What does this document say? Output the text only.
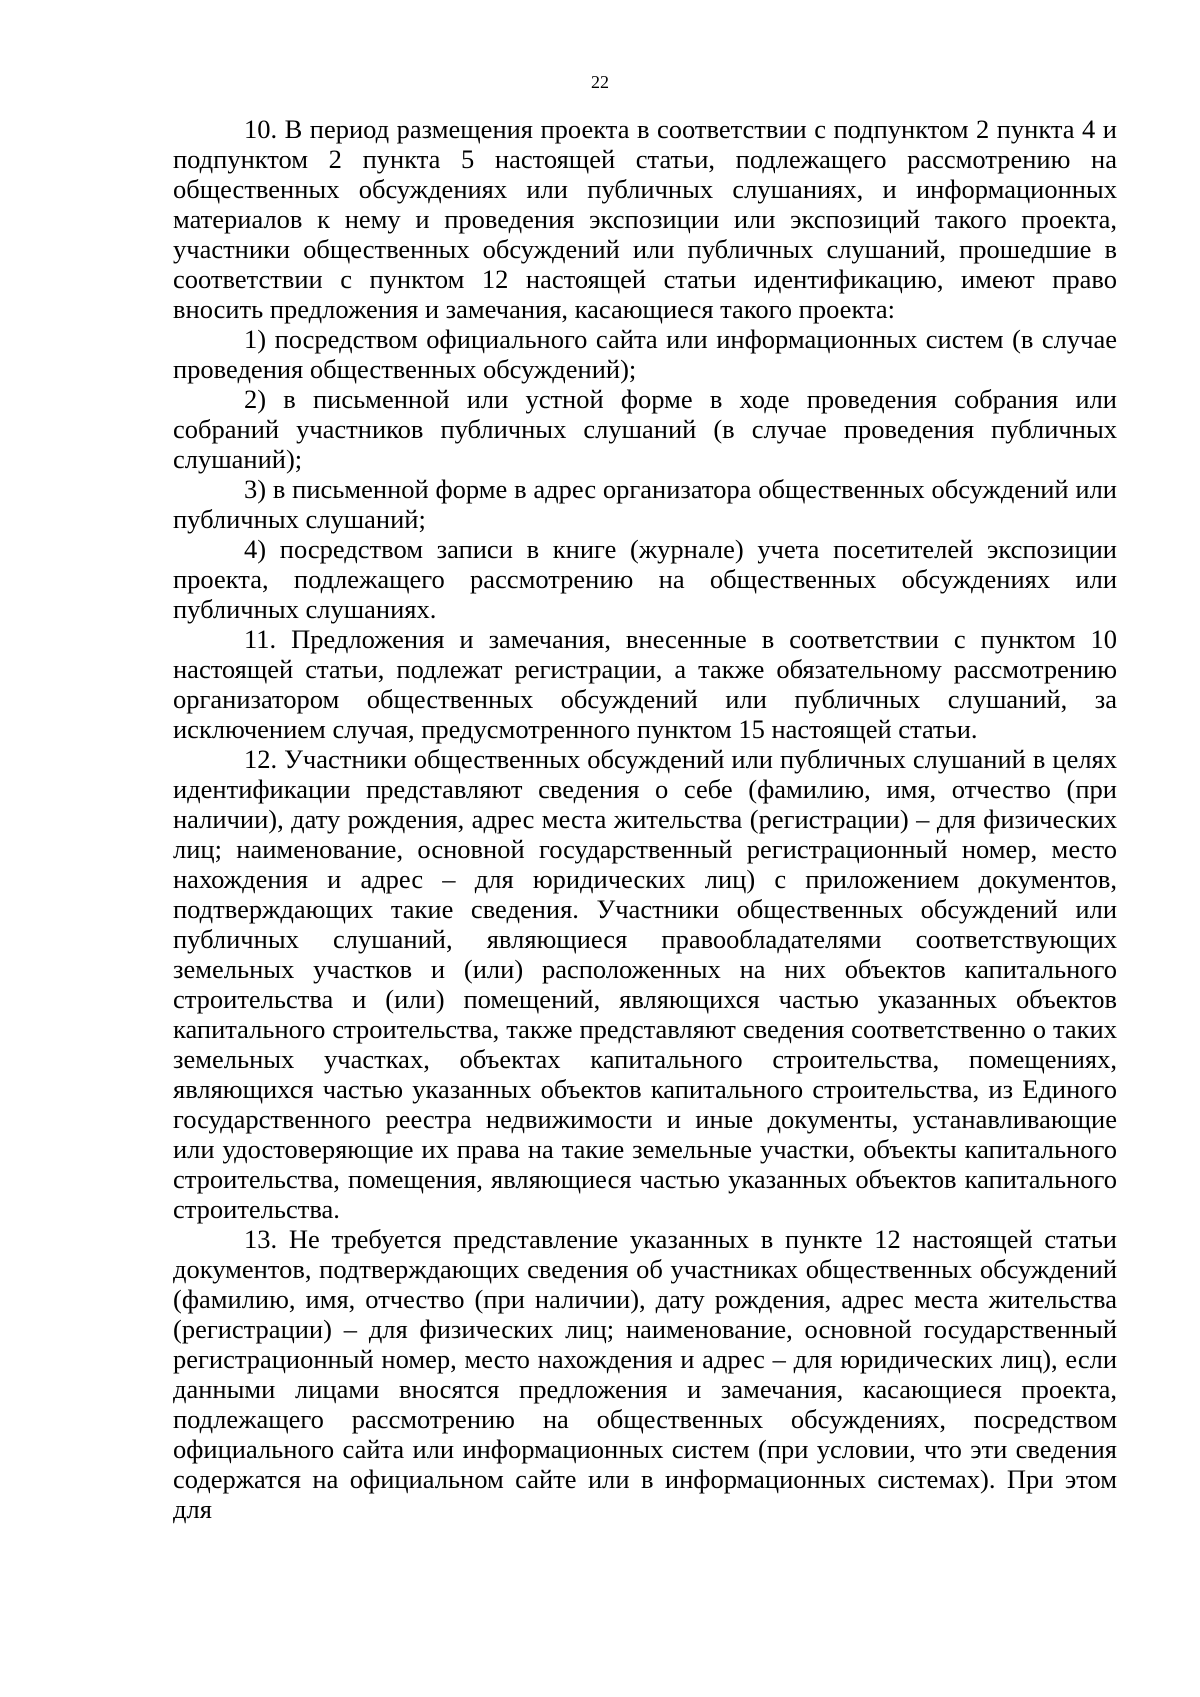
22

10. В период размещения проекта в соответствии с подпунктом 2 пункта 4 и подпунктом 2 пункта 5 настоящей статьи, подлежащего рассмотрению на общественных обсуждениях или публичных слушаниях, и информационных материалов к нему и проведения экспозиции или экспозиций такого проекта, участники общественных обсуждений или публичных слушаний, прошедшие в соответствии с пунктом 12 настоящей статьи идентификацию, имеют право вносить предложения и замечания, касающиеся такого проекта:

1) посредством официального сайта или информационных систем (в случае проведения общественных обсуждений);

2) в письменной или устной форме в ходе проведения собрания или собраний участников публичных слушаний (в случае проведения публичных слушаний);

3) в письменной форме в адрес организатора общественных обсуждений или публичных слушаний;

4) посредством записи в книге (журнале) учета посетителей экспозиции проекта, подлежащего рассмотрению на общественных обсуждениях или публичных слушаниях.

11. Предложения и замечания, внесенные в соответствии с пунктом 10 настоящей статьи, подлежат регистрации, а также обязательному рассмотрению организатором общественных обсуждений или публичных слушаний, за исключением случая, предусмотренного пунктом 15 настоящей статьи.

12. Участники общественных обсуждений или публичных слушаний в целях идентификации представляют сведения о себе (фамилию, имя, отчество (при наличии), дату рождения, адрес места жительства (регистрации) – для физических лиц; наименование, основной государственный регистрационный номер, место нахождения и адрес – для юридических лиц) с приложением документов, подтверждающих такие сведения. Участники общественных обсуждений или публичных слушаний, являющиеся правообладателями соответствующих земельных участков и (или) расположенных на них объектов капитального строительства и (или) помещений, являющихся частью указанных объектов капитального строительства, также представляют сведения соответственно о таких земельных участках, объектах капитального строительства, помещениях, являющихся частью указанных объектов капитального строительства, из Единого государственного реестра недвижимости и иные документы, устанавливающие или удостоверяющие их права на такие земельные участки, объекты капитального строительства, помещения, являющиеся частью указанных объектов капитального строительства.

13. Не требуется представление указанных в пункте 12 настоящей статьи документов, подтверждающих сведения об участниках общественных обсуждений (фамилию, имя, отчество (при наличии), дату рождения, адрес места жительства (регистрации) – для физических лиц; наименование, основной государственный регистрационный номер, место нахождения и адрес – для юридических лиц), если данными лицами вносятся предложения и замечания, касающиеся проекта, подлежащего рассмотрению на общественных обсуждениях, посредством официального сайта или информационных систем (при условии, что эти сведения содержатся на официальном сайте или в информационных системах). При этом для
